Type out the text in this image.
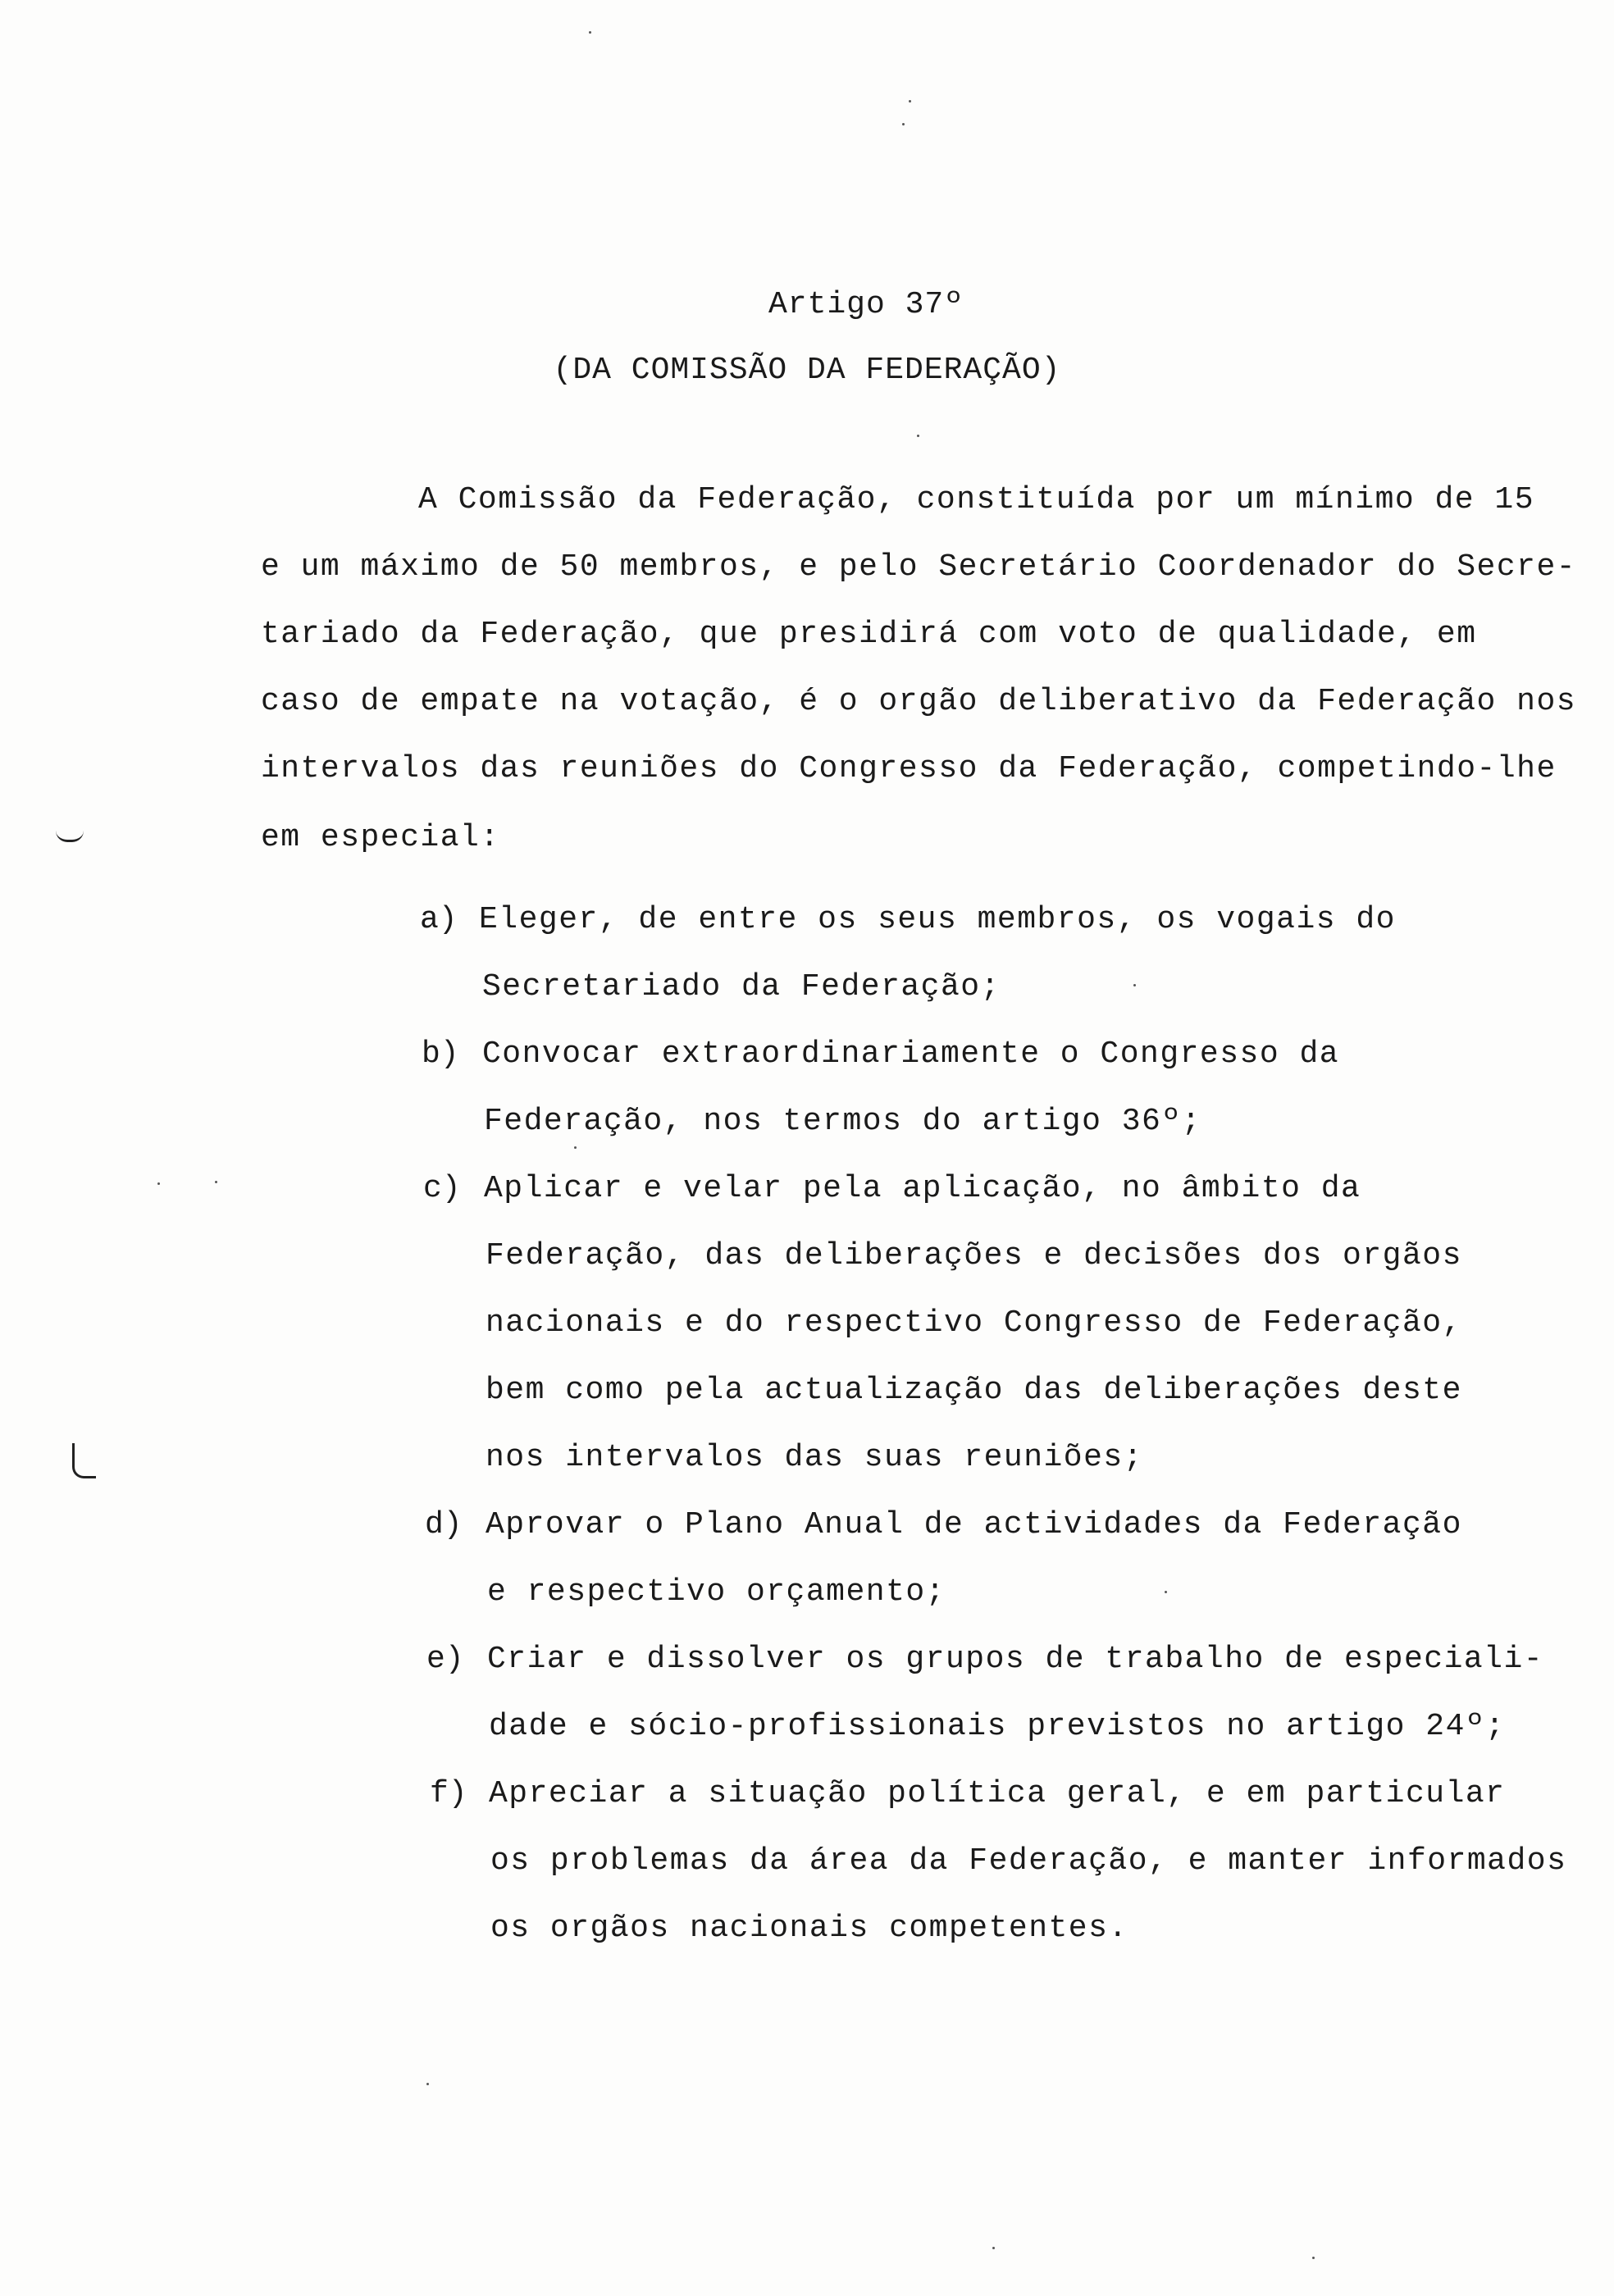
Artigo 37º
(DA COMISSÃO DA FEDERAÇÃO)
A Comissão da Federação, constituída por um mínimo de 15
e um máximo de 50 membros, e pelo Secretário Coordenador do Secre-
tariado da Federação, que presidirá com voto de qualidade, em
caso de empate na votação, é o orgão deliberativo da Federação nos
intervalos das reuniões do Congresso da Federação, competindo-lhe
em especial:
a) Eleger, de entre os seus membros, os vogais do
Secretariado da Federação;
b) Convocar extraordinariamente o Congresso da
Federação, nos termos do artigo 36º;
c) Aplicar e velar pela aplicação, no âmbito da
Federação, das deliberações e decisões dos orgãos
nacionais e do respectivo Congresso de Federação,
bem como pela actualização das deliberações deste
nos intervalos das suas reuniões;
d) Aprovar o Plano Anual de actividades da Federação
e respectivo orçamento;
e) Criar e dissolver os grupos de trabalho de especiali-
dade e sócio-profissionais previstos no artigo 24º;
f) Apreciar a situação política geral, e em particular
os problemas da área da Federação, e manter informados
os orgãos nacionais competentes.
